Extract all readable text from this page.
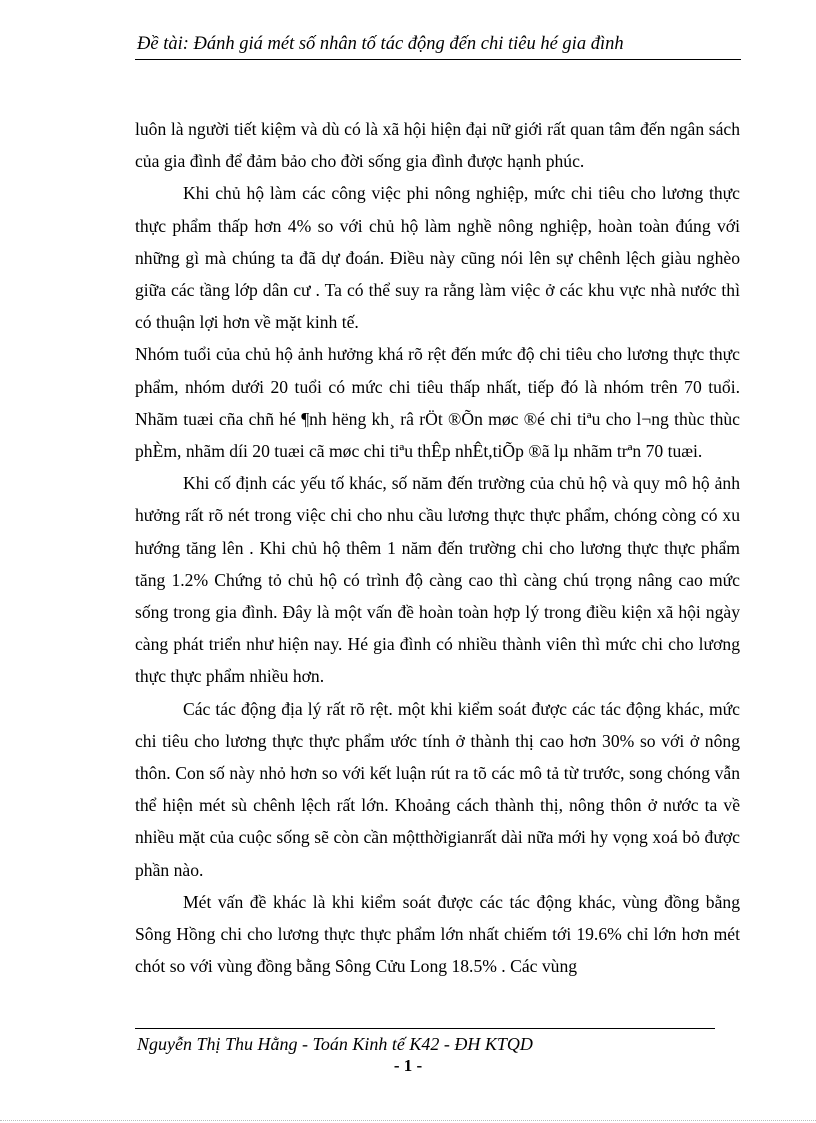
Đề tài: Đánh giá mét số nhân tố tác động đến chi tiêu hé gia đình

luôn là người tiết kiệm và dù có là xã hội hiện đại nữ giới rất quan tâm đến ngân sách của gia đình để đảm bảo cho đời sống gia đình được hạnh phúc.

Khi chủ hộ làm các công việc phi nông nghiệp, mức chi tiêu cho lương thực thực phẩm thấp hơn 4% so với chủ hộ làm nghề nông nghiệp, hoàn toàn đúng với những gì mà chúng ta đã dự đoán. Điều này cũng nói lên sự chênh lệch giàu nghèo giữa các tầng lớp dân cư . Ta có thể suy ra rằng làm việc ở các khu vực nhà nước thì có thuận lợi hơn về mặt kinh tế.

Nhóm tuổi của chủ hộ ảnh hưởng khá rõ rệt đến mức độ chi tiêu cho lương thực thực phẩm, nhóm dưới 20 tuổi có mức chi tiêu thấp nhất, tiếp đó là nhóm trên 70 tuổi. Nhãm tuæi cña chñ hé ¶nh hëng kh¸ râ rÖt ®Õn møc ®é chi tiªu cho l¬ng thùc thùc phÈm, nhãm díi 20 tuæi cã møc chi tiªu thÊp nhÊt,tiÕp ®ã lµ nhãm trªn 70 tuæi.

Khi cố định các yếu tố khác, số năm đến trường của chủ hộ và quy mô hộ ảnh hưởng rất rõ nét trong việc chi cho nhu cầu lương thực thực phẩm, chóng còng có xu hướng tăng lên . Khi chủ hộ thêm 1 năm đến trường chi cho lương thực thực phẩm tăng 1.2% Chứng tỏ chủ hộ có trình độ càng cao thì càng chú trọng nâng cao mức sống trong gia đình. Đây là một vấn đề hoàn toàn hợp lý trong điều kiện xã hội ngày càng phát triển như hiện nay. Hé gia đình có nhiều thành viên thì mức chi cho lương thực thực phẩm nhiều hơn.

Các tác động địa lý rất rõ rệt. một khi kiểm soát được các tác động khác, mức chi tiêu cho lương thực thực phẩm ước tính ở thành thị cao hơn 30% so với ở nông thôn. Con số này nhỏ hơn so với kết luận rút ra tõ các mô tả từ trước, song chóng vẫn thể hiện mét sù chênh lệch rất lớn. Khoảng cách thành thị, nông thôn ở nước ta về nhiều mặt của cuộc sống sẽ còn cần mộtthờigianrất dài nữa mới hy vọng xoá bỏ được phần nào.

Mét vấn đề khác là khi kiểm soát được các tác động khác, vùng đồng bằng Sông Hồng chi cho lương thực thực phẩm lớn nhất chiếm tới 19.6% chỉ lớn hơn mét chót so với vùng đồng bằng Sông Cửu Long 18.5% . Các vùng

Nguyễn Thị Thu Hằng - Toán Kinh tế K42 - ĐH KTQD
- 1 -
